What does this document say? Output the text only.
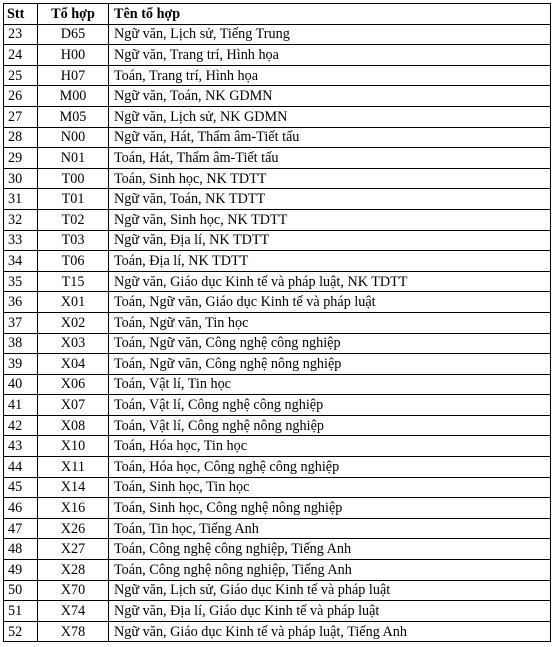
Stt	Tổ hợp	Tên tổ hợp
23	D65	Ngữ văn, Lịch sử, Tiếng Trung
24	H00	Ngữ văn, Trang trí, Hình họa
25	H07	Toán, Trang trí, Hình họa
26	M00	Ngữ văn, Toán, NK GDMN
27	M05	Ngữ văn, Lịch sử, NK GDMN
28	N00	Ngữ văn, Hát, Thẩm âm-Tiết tấu
29	N01	Toán, Hát, Thẩm âm-Tiết tấu
30	T00	Toán, Sinh học, NK TDTT
31	T01	Ngữ văn, Toán, NK TDTT
32	T02	Ngữ văn, Sinh học, NK TDTT
33	T03	Ngữ văn, Địa lí, NK TDTT
34	T06	Toán, Địa lí, NK TDTT
35	T15	Ngữ văn, Giáo dục Kinh tế và pháp luật, NK TDTT
36	X01	Toán, Ngữ văn, Giáo dục Kinh tế và pháp luật
37	X02	Toán, Ngữ văn, Tin học
38	X03	Toán, Ngữ văn, Công nghệ công nghiệp
39	X04	Toán, Ngữ văn, Công nghệ nông nghiệp
40	X06	Toán, Vật lí, Tin học
41	X07	Toán, Vật lí, Công nghệ công nghiệp
42	X08	Toán, Vật lí, Công nghệ nông nghiệp
43	X10	Toán, Hóa học, Tin học
44	X11	Toán, Hóa học, Công nghệ công nghiệp
45	X14	Toán, Sinh học, Tin học
46	X16	Toán, Sinh học, Công nghệ nông nghiệp
47	X26	Toán, Tin học, Tiếng Anh
48	X27	Toán, Công nghệ công nghiệp, Tiếng Anh
49	X28	Toán, Công nghệ nông nghiệp, Tiếng Anh
50	X70	Ngữ văn, Lịch sử, Giáo dục Kinh tế và pháp luật
51	X74	Ngữ văn, Địa lí, Giáo dục Kinh tế và pháp luật
52	X78	Ngữ văn, Giáo dục Kinh tế và pháp luật, Tiếng Anh
